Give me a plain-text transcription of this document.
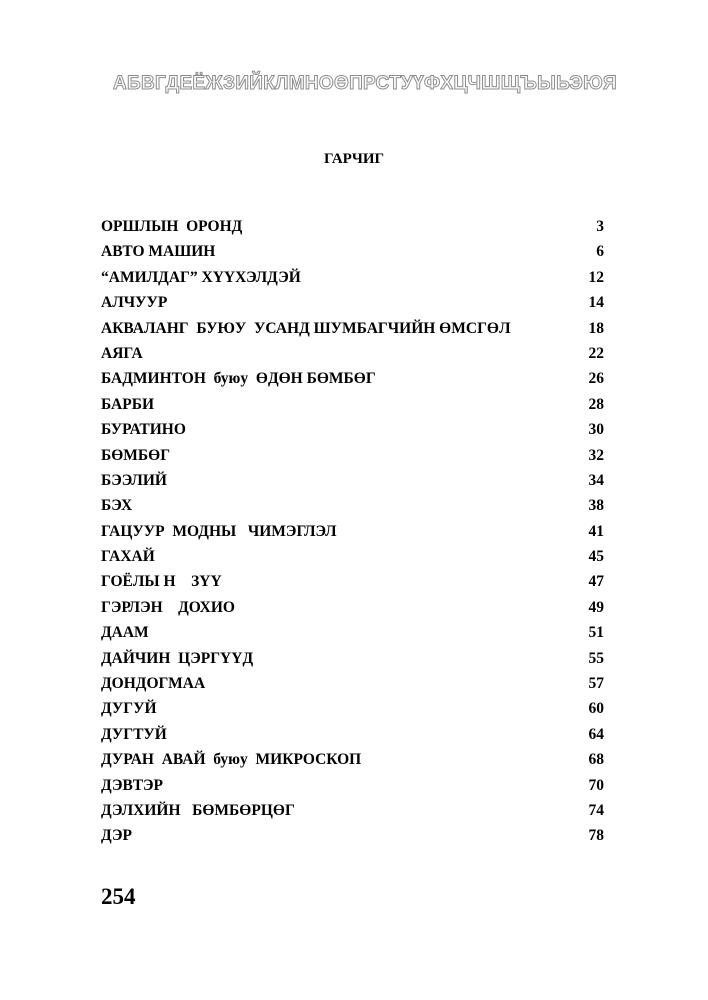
АБВГДЕЁЖЗИЙКЛМНОӨПРСТУҮФХЦЧШЩЪЫЬЭЮЯ
ГАРЧИГ
ОРШЛЫН  ОРОНД	3
АВТО МАШИН	6
“АМИЛДАГ” ХҮҮХЭЛДЭЙ	12
АЛЧУУР	14
АКВАЛАНГ  БУЮУ  УСАНД ШУМБАГЧИЙН ӨМСГӨЛ	18
АЯГА	22
БАДМИНТОН  буюу  ӨДӨН БӨМБӨГ	26
БАРБИ	28
БУРАТИНО	30
БӨМБӨГ	32
БЭЭЛИЙ	34
БЭХ	38
ГАЦУУР  МОДНЫ   ЧИМЭГЛЭЛ	41
ГАХАЙ	45
ГОЁЛЫ Н    ЗҮҮ	47
ГЭРЛЭН    ДОХИО	49
ДААМ	51
ДАЙЧИН  ЦЭРГҮҮД	55
ДОНДОГМАА	57
ДУГУЙ	60
ДУГТУЙ	64
ДУРАН  АВАЙ  буюу  МИКРОСКОП	68
ДЭВТЭР	70
ДЭЛХИЙН   БӨМБӨРЦӨГ	74
ДЭР	78
254
